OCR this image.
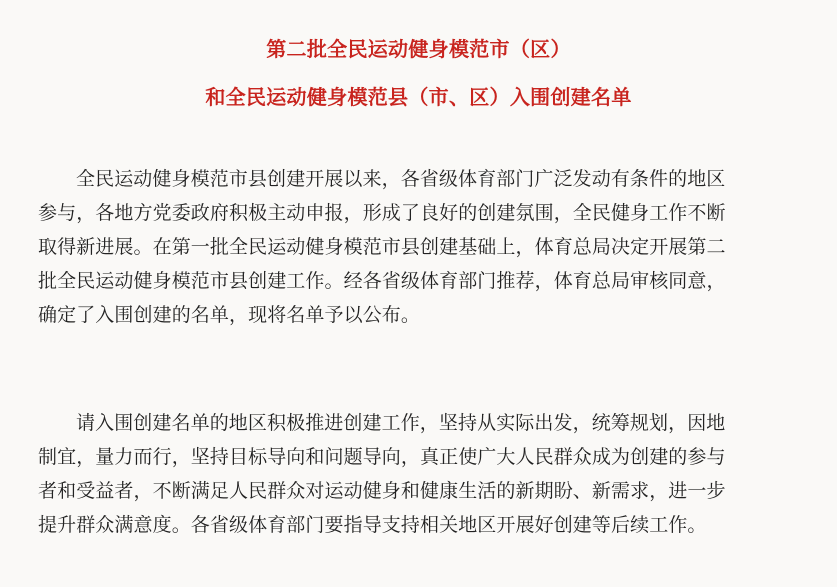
第二批全民运动健身模范市（区）
和全民运动健身模范县（市、区）入围创建名单
全民运动健身模范市县创建开展以来，各省级体育部门广泛发动有条件的地区
参与，各地方党委政府积极主动申报，形成了良好的创建氛围，全民健身工作不断
取得新进展。在第一批全民运动健身模范市县创建基础上，体育总局决定开展第二
批全民运动健身模范市县创建工作。经各省级体育部门推荐，体育总局审核同意，
确定了入围创建的名单，现将名单予以公布。
请入围创建名单的地区积极推进创建工作，坚持从实际出发，统筹规划，因地
制宜，量力而行，坚持目标导向和问题导向，真正使广大人民群众成为创建的参与
者和受益者，不断满足人民群众对运动健身和健康生活的新期盼、新需求，进一步
提升群众满意度。各省级体育部门要指导支持相关地区开展好创建等后续工作。
